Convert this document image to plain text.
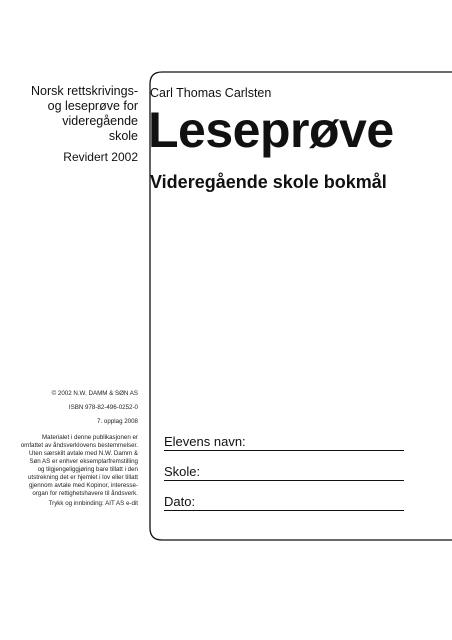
Norsk rettskrivings-
og leseprøve for
videregående
skole
Revidert 2002
© 2002 N.W. DAMM & SØN AS
ISBN 978-82-496-0252-0
7. opplag 2008
Materialet i denne publikasjonen er
omfattet av åndsverklovens bestemmelser.
Uten særskilt avtale med N.W. Damm &
Søn AS er enhver eksemplarfremstilling
og tilgjengeliggjøring bare tillatt i den
utstrekning det er hjemlet i lov eller tillatt
gjennom avtale med Kopinor, interesse-
organ for rettighetshavere til åndsverk.
Trykk og innbinding: AIT AS e-dit
Carl Thomas Carlsten
Leseprøve
Videregående skole bokmål
Elevens navn:
Skole:
Dato:
